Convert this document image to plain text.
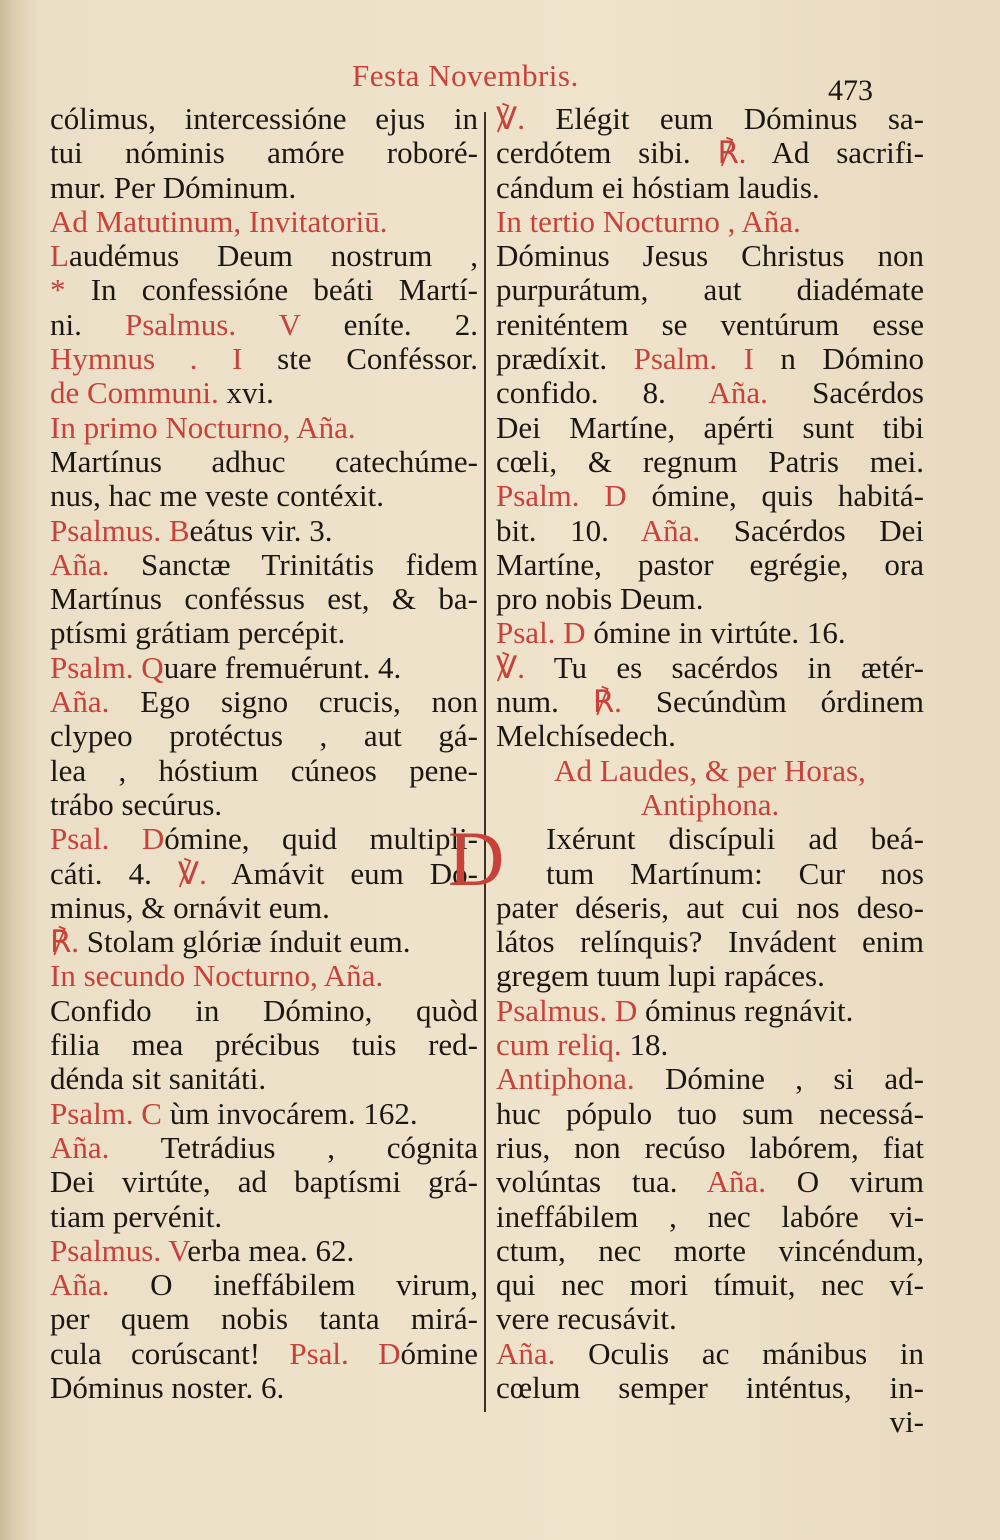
Festa Novembris.	473
cólimus, intercessióne ejus in
tui nóminis amóre roboré-
mur. Per Dóminum.
Ad Matutinum, Invitatoriū.
Laudémus Deum nostrum ,
* In confessióne beáti Martí-
ni. Psalmus. V eníte. 2.
Hymnus . I ste Conféssor.
de Communi. xvi.
In primo Nocturno, Aña.
Martínus adhuc catechúme-
nus, hac me veste contéxit.
Psalmus. Beátus vir. 3.
Aña. Sanctæ Trinitátis fidem
Martínus conféssus est, & ba-
ptísmi grátiam percépit.
Psalm. Quare fremuérunt. 4.
Aña. Ego signo crucis, non
clypeo protéctus , aut gá-
lea , hóstium cúneos pene-
trábo secúrus.
Psal. Dómine, quid multipli-
cáti. 4. ℣. Amávit eum Dó-
minus, & ornávit eum.
℟. Stolam glóriæ índuit eum.
In secundo Nocturno, Aña.
Confido in Dómino, quòd
filia mea précibus tuis red-
dénda sit sanitáti.
Psalm. C ùm invocárem. 162.
Aña. Tetrádius , cógnita
Dei virtúte, ad baptísmi grá-
tiam pervénit.
Psalmus. Verba mea. 62.
Aña. O ineffábilem virum,
per quem nobis tanta mirá-
cula corúscant! Psal. Dómine
Dóminus noster. 6.
℣. Elégit eum Dóminus sa-
cerdótem sibi. ℟. Ad sacrifi-
cándum ei hóstiam laudis.
In tertio Nocturno , Aña.
Dóminus Jesus Christus non
purpurátum, aut diadémate
reniténtem se ventúrum esse
prædíxit. Psalm. I n Dómino
confido. 8. Aña. Sacérdos
Dei Martíne, apérti sunt tibi
cœli, & regnum Patris mei.
Psalm. D ómine, quis habitá-
bit. 10. Aña. Sacérdos Dei
Martíne, pastor egrégie, ora
pro nobis Deum.
Psal. D ómine in virtúte. 16.
℣. Tu es sacérdos in ætér-
num. ℟. Secúndùm órdinem
Melchísedech.
Ad Laudes, & per Horas,
Antiphona.
Ixérunt discípuli ad beá-
D	tum Martínum: Cur nos
pater déseris, aut cui nos deso-
látos relínquis? Invádent enim
gregem tuum lupi rapáces.
Psalmus. D óminus regnávit.
cum reliq. 18.
Antiphona. Dómine , si ad-
huc pópulo tuo sum necessá-
rius, non recúso labórem, fiat
volúntas tua. Aña. O virum
ineffábilem , nec labóre vi-
ctum, nec morte vincéndum,
qui nec mori tímuit, nec ví-
vere recusávit.
Aña. Oculis ac mánibus in
cœlum semper inténtus, in-
vi-
